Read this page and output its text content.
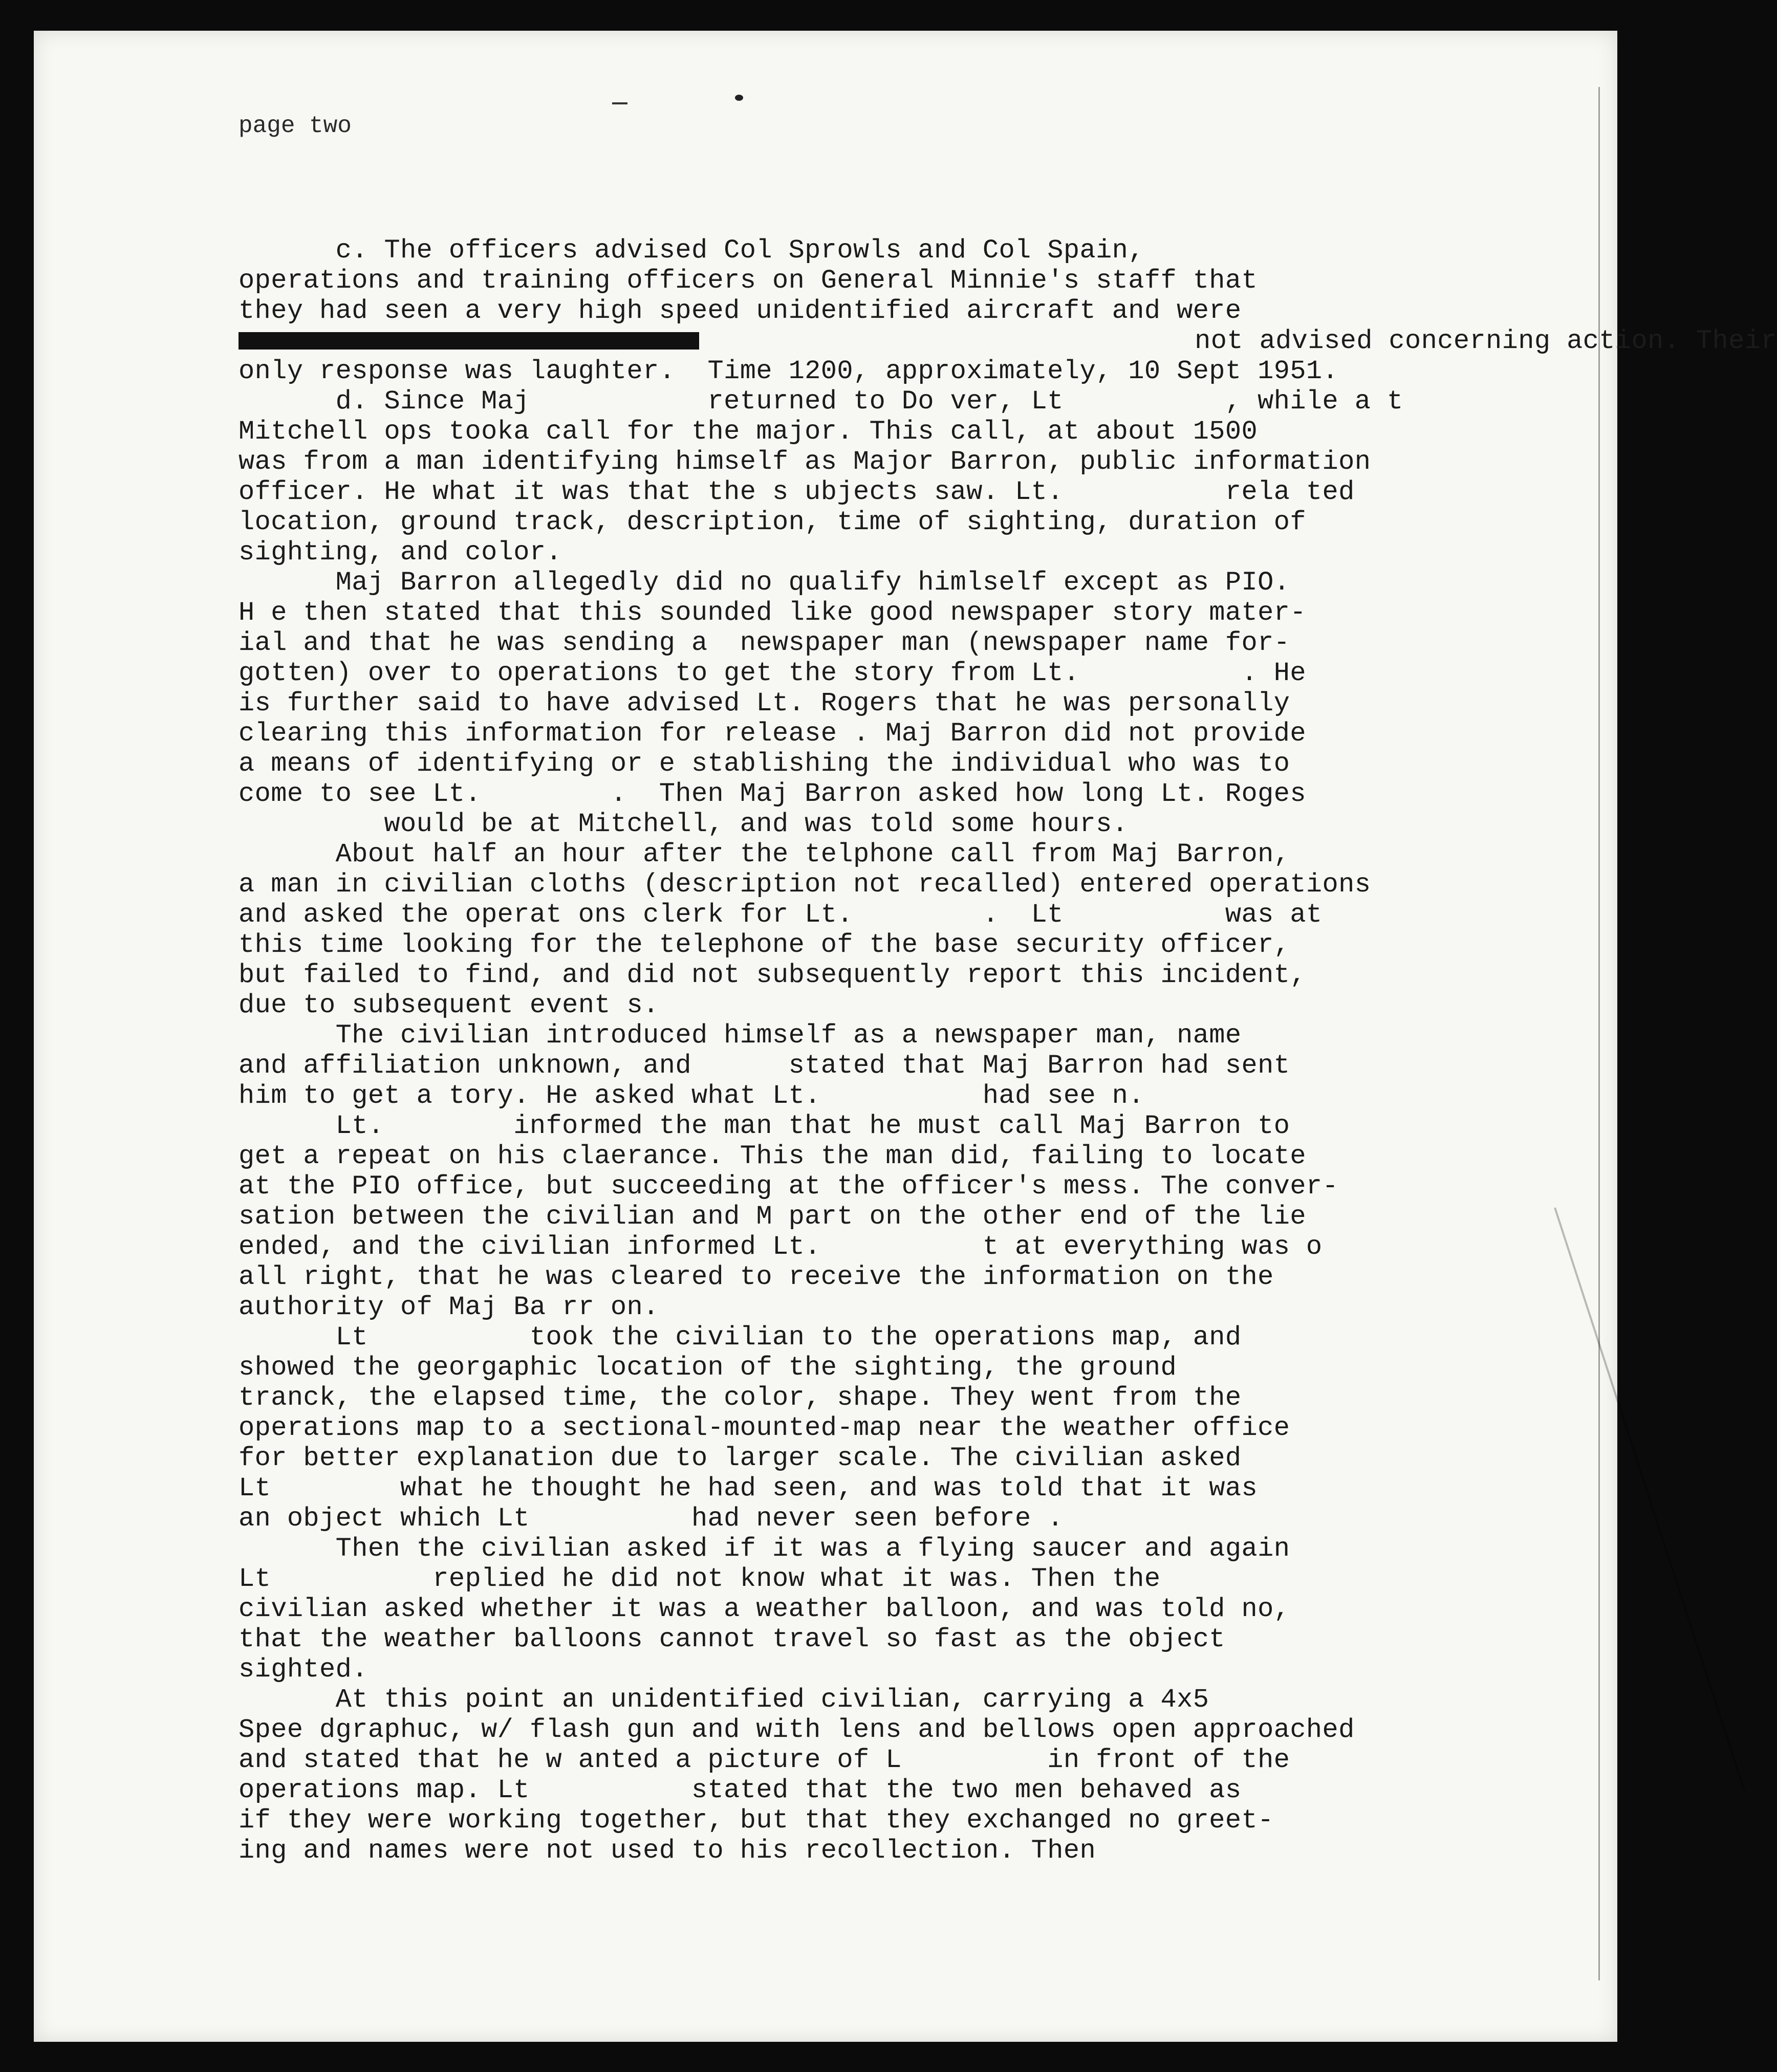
page two

c. The officers advised Col Sprowls and Col Spain,
operations and training officers on General Minnie's staff that
they had seen a very high speed unidentified aircraft and were
not advised concerning action. Their
only response was laughter.  Time 1200, approximately, 10 Sept 1951.
d. Since Maj           returned to Do ver, Lt          , while a t
Mitchell ops tooka call for the major. This call, at about 1500
was from a man identifying himself as Major Barron, public information
officer. He what it was that the s ubjects saw. Lt.          rela ted
location, ground track, description, time of sighting, duration of
sighting, and color.
Maj Barron allegedly did no qualify himlself except as PIO.
H e then stated that this sounded like good newspaper story mater-
ial and that he was sending a  newspaper man (newspaper name for-
gotten) over to operations to get the story from Lt.          . He
is further said to have advised Lt. Rogers that he was personally
clearing this information for release . Maj Barron did not provide
a means of identifying or e stablishing the individual who was to
come to see Lt.        .  Then Maj Barron asked how long Lt. Roges
would be at Mitchell, and was told some hours.
About half an hour after the telphone call from Maj Barron,
a man in civilian cloths (description not recalled) entered operations
and asked the operat ons clerk for Lt.        .  Lt          was at
this time looking for the telephone of the base security officer,
but failed to find, and did not subsequently report this incident,
due to subsequent event s.
The civilian introduced himself as a newspaper man, name
and affiliation unknown, and      stated that Maj Barron had sent
him to get a tory. He asked what Lt.          had see n.
Lt.        informed the man that he must call Maj Barron to
get a repeat on his claerance. This the man did, failing to locate
at the PIO office, but succeeding at the officer's mess. The conver-
sation between the civilian and M part on the other end of the lie
ended, and the civilian informed Lt.          t at everything was o
all right, that he was cleared to receive the information on the
authority of Maj Ba rr on.
Lt          took the civilian to the operations map, and
showed the georgaphic location of the sighting, the ground
tranck, the elapsed time, the color, shape. They went from the
operations map to a sectional-mounted-map near the weather office
for better explanation due to larger scale. The civilian asked
Lt        what he thought he had seen, and was told that it was
an object which Lt          had never seen before .
Then the civilian asked if it was a flying saucer and again
Lt          replied he did not know what it was. Then the
civilian asked whether it was a weather balloon, and was told no,
that the weather balloons cannot travel so fast as the object
sighted.
At this point an unidentified civilian, carrying a 4x5
Spee dgraphuc, w/ flash gun and with lens and bellows open approached
and stated that he w anted a picture of L         in front of the
operations map. Lt          stated that the two men behaved as
if they were working together, but that they exchanged no greet-
ing and names were not used to his recollection. Then
